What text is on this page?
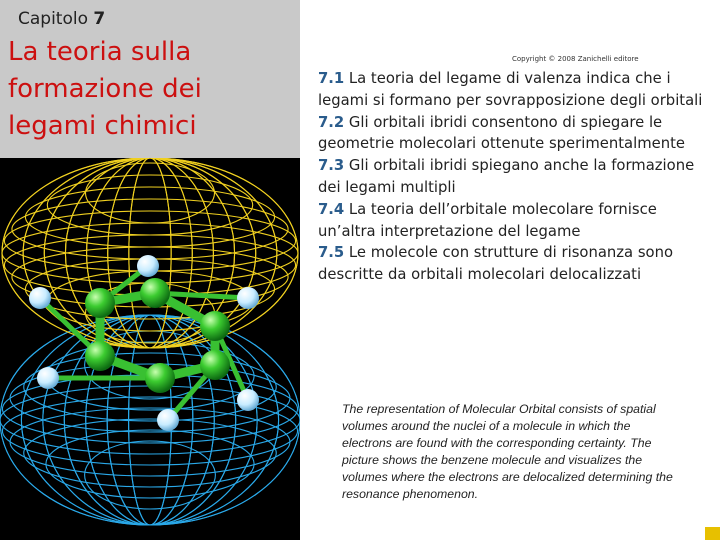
Capitolo 7
La teoria sulla formazione dei legami chimici
Copyright © 2008 Zanichelli editore
7.1 La teoria del legame di valenza indica che i legami si formano per sovrapposizione degli orbitali
7.2 Gli orbitali ibridi consentono di spiegare le geometrie molecolari ottenute sperimentalmente
7.3 Gli orbitali ibridi spiegano anche la formazione dei legami multipli
7.4 La teoria dell’orbitale molecolare fornisce un’altra interpretazione del legame
7.5 Le molecole con strutture di risonanza sono descritte da orbitali molecolari delocalizzati
The representation of Molecular Orbital consists of spatial volumes around the nuclei of a molecule in which the electrons are found with the corresponding certainty. The picture shows the benzene molecule and visualizes the volumes where the electrons are delocalized determining the resonance phenomenon.
